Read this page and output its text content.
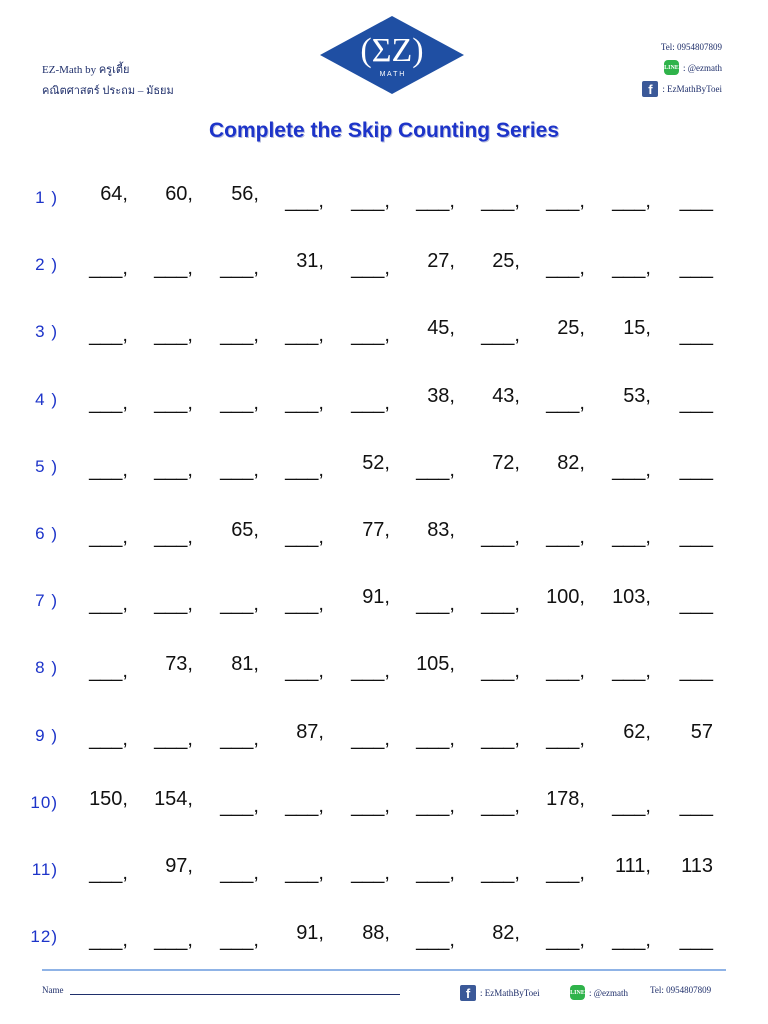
EZ-Math by ครูเตี้ย
คณิตศาสตร์ ประถม – มัธยม
(ΣZ)
M A T H
Tel: 0954807809
LINE : @ezmath
f	: EzMathByToei
Complete the Skip Counting Series
1 )	64,	60,	56,	___,	___,	___,	___,	___,	___,	___
2 )	___,	___,	___,	31,	___,	27,	25,	___,	___,	___
3 )	___,	___,	___,	___,	___,	45,	___,	25,	15,	___
4 )	___,	___,	___,	___,	___,	38,	43,	___,	53,	___
5 )	___,	___,	___,	___,	52,	___,	72,	82,	___,	___
6 )	___,	___,	65,	___,	77,	83,	___,	___,	___,	___
7 )	___,	___,	___,	___,	91,	___,	___,	100,	103,	___
8 )	___,	73,	81,	___,	___,	105,	___,	___,	___,	___
9 )	___,	___,	___,	87,	___,	___,	___,	___,	62,	57
10)	150,	154,	___,	___,	___,	___,	___,	178,	___,	___
11)	___,	97,	___,	___,	___,	___,	___,	___,	111,	113
12)	___,	___,	___,	91,	88,	___,	82,	___,	___,	___
Name	f	: EzMathByToei	LINE : @ezmath Tel: 0954807809
